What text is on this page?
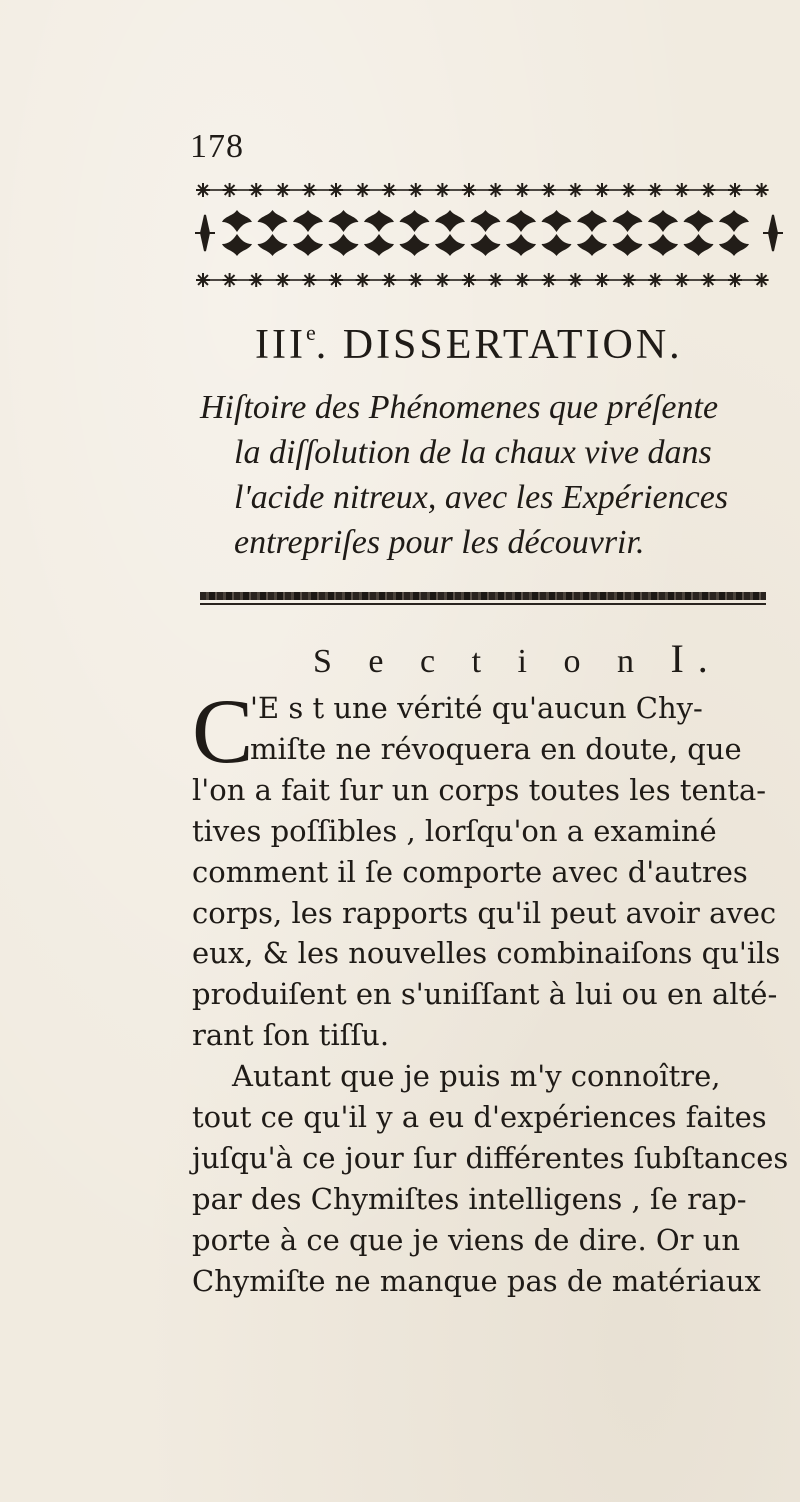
178
IIIe. DISSERTATION.
Hiſtoire des Phénomenes que préſente
la diſſolution de la chaux vive dans
l'acide nitreux, avec les Expériences
entrepriſes pour les découvrir.
S e c t i o n I.
C
'E s t une vérité qu'aucun Chy-
miſte ne révoquera en doute, que
l'on a fait ſur un corps toutes les tenta-
tives poſſibles , lorſqu'on a examiné
comment il ſe comporte avec d'autres
corps, les rapports qu'il peut avoir avec
eux, & les nouvelles combinaiſons qu'ils
produiſent en s'uniſſant à lui ou en alté-
rant ſon tiſſu.
Autant que je puis m'y connoître,
tout ce qu'il y a eu d'expériences faites
juſqu'à ce jour ſur différentes ſubſtances
par des Chymiſtes intelligens , ſe rap-
porte à ce que je viens de dire. Or un
Chymiſte ne manque pas de matériaux
